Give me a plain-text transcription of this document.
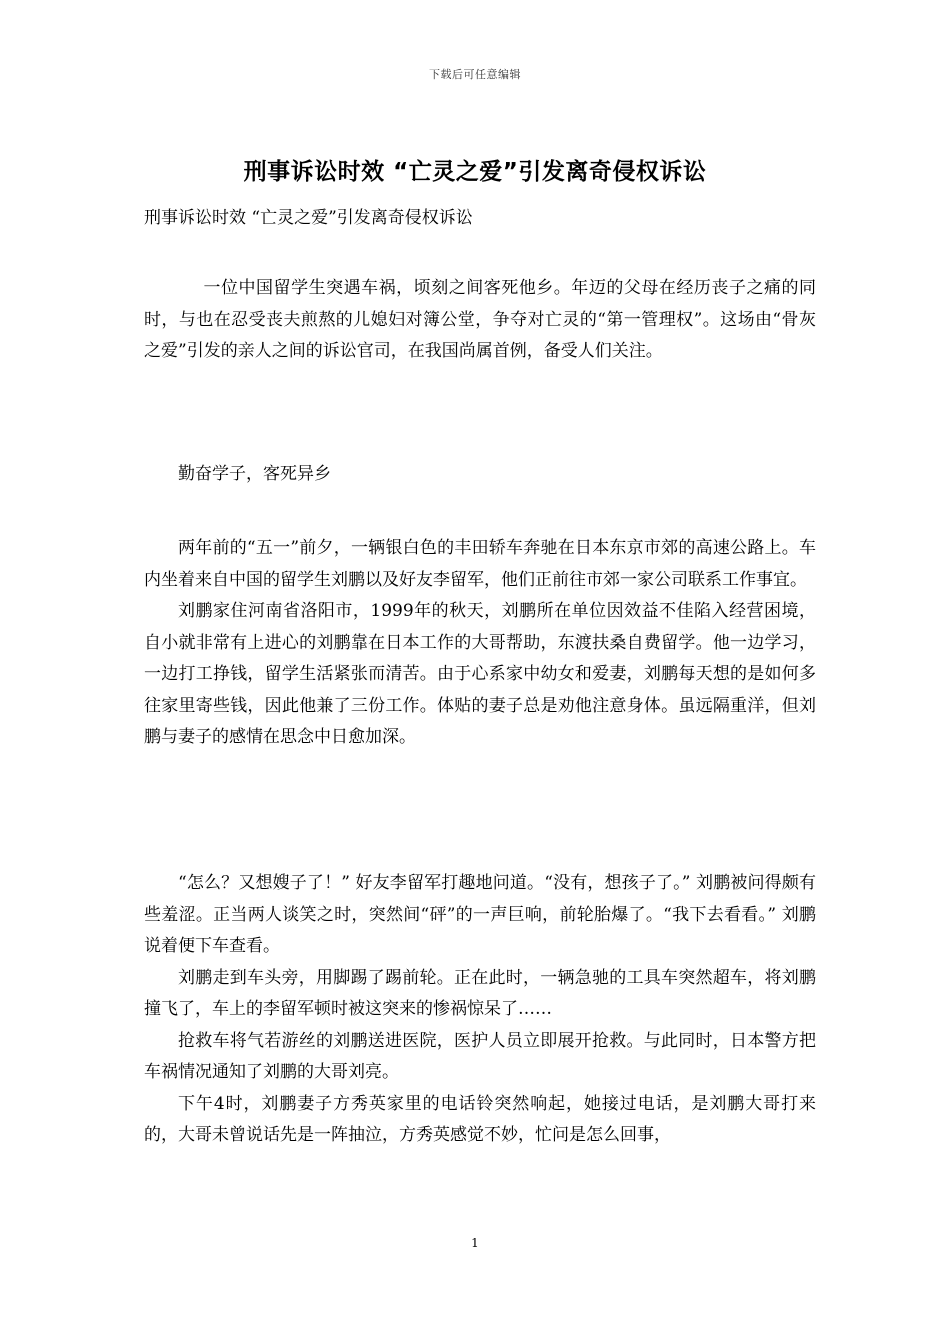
下载后可任意编辑
刑事诉讼时效 “亡灵之爱”引发离奇侵权诉讼
刑事诉讼时效 “亡灵之爱”引发离奇侵权诉讼

一位中国留学生突遇车祸，顷刻之间客死他乡。年迈的父母在经历丧子之痛的同时，与也在忍受丧夫煎熬的儿媳妇对簿公堂，争夺对亡灵的“第一管理权”。这场由“骨灰之爱”引发的亲人之间的诉讼官司，在我国尚属首例，备受人们关注。

勤奋学子，客死异乡

两年前的“五一”前夕，一辆银白色的丰田轿车奔驰在日本东京市郊的高速公路上。车内坐着来自中国的留学生刘鹏以及好友李留军，他们正前往市郊一家公司联系工作事宜。

刘鹏家住河南省洛阳市，1999年的秋天，刘鹏所在单位因效益不佳陷入经营困境，自小就非常有上进心的刘鹏靠在日本工作的大哥帮助，东渡扶桑自费留学。他一边学习，一边打工挣钱，留学生活紧张而清苦。由于心系家中幼女和爱妻，刘鹏每天想的是如何多往家里寄些钱，因此他兼了三份工作。体贴的妻子总是劝他注意身体。虽远隔重洋，但刘鹏与妻子的感情在思念中日愈加深。

“怎么？又想嫂子了！” 好友李留军打趣地问道。“没有，想孩子了。” 刘鹏被问得颇有些羞涩。正当两人谈笑之时，突然间“砰”的一声巨响，前轮胎爆了。“我下去看看。” 刘鹏说着便下车查看。

刘鹏走到车头旁，用脚踢了踢前轮。正在此时，一辆急驰的工具车突然超车，将刘鹏撞飞了，车上的李留军顿时被这突来的惨祸惊呆了……

抢救车将气若游丝的刘鹏送进医院，医护人员立即展开抢救。与此同时，日本警方把车祸情况通知了刘鹏的大哥刘亮。

下午4时，刘鹏妻子方秀英家里的电话铃突然响起，她接过电话，是刘鹏大哥打来的，大哥未曾说话先是一阵抽泣，方秀英感觉不妙，忙问是怎么回事，

1
